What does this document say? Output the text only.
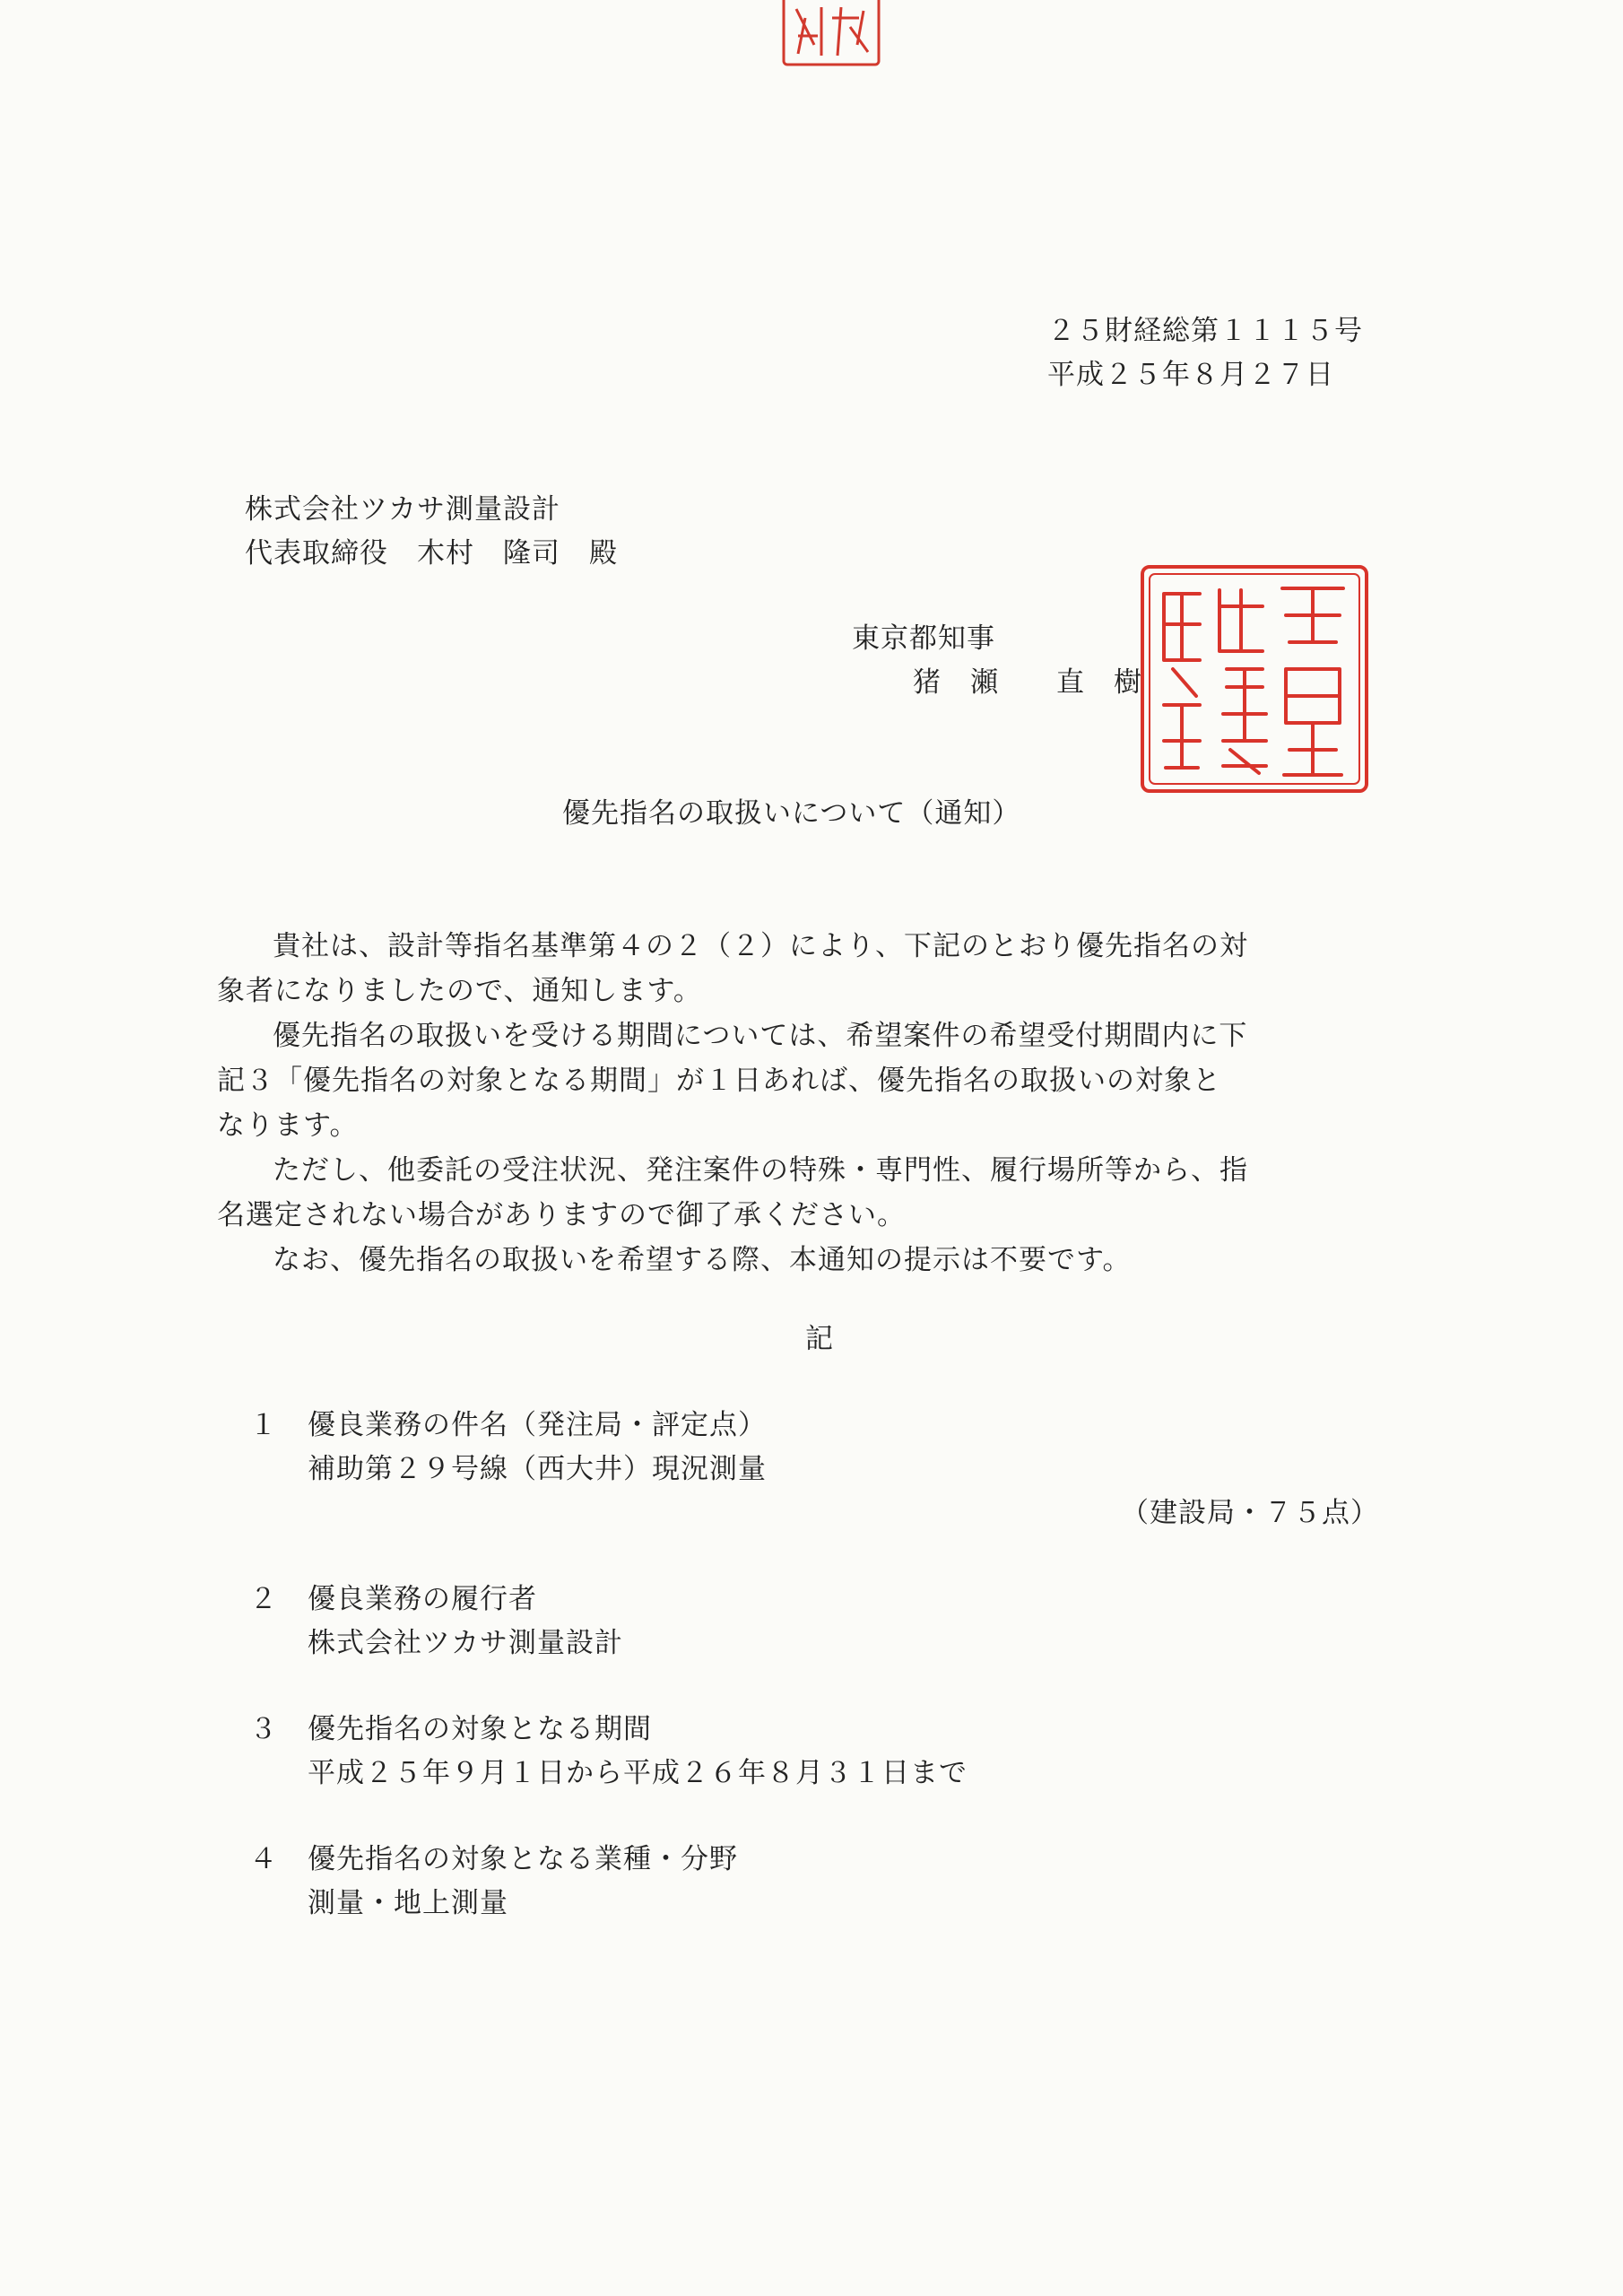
２５財経総第１１１５号
平成２５年８月２７日
株式会社ツカサ測量設計
代表取締役　木村　隆司　殿
東京都知事
猪　瀬　　直　樹
優先指名の取扱いについて（通知）

貴社は、設計等指名基準第４の２（２）により、下記のとおり優先指名の対
象者になりましたので、通知します。

優先指名の取扱いを受ける期間については、希望案件の希望受付期間内に下
記３「優先指名の対象となる期間」が１日あれば、優先指名の取扱いの対象と
なります。

ただし、他委託の受注状況、発注案件の特殊・専門性、履行場所等から、指
名選定されない場合がありますので御了承ください。

なお、優先指名の取扱いを希望する際、本通知の提示は不要です。

記
１ 優良業務の件名（発注局・評定点）
補助第２９号線（西大井）現況測量
（建設局・７５点）
２ 優良業務の履行者
株式会社ツカサ測量設計
３ 優先指名の対象となる期間
平成２５年９月１日から平成２６年８月３１日まで
４ 優先指名の対象となる業種・分野
測量・地上測量
